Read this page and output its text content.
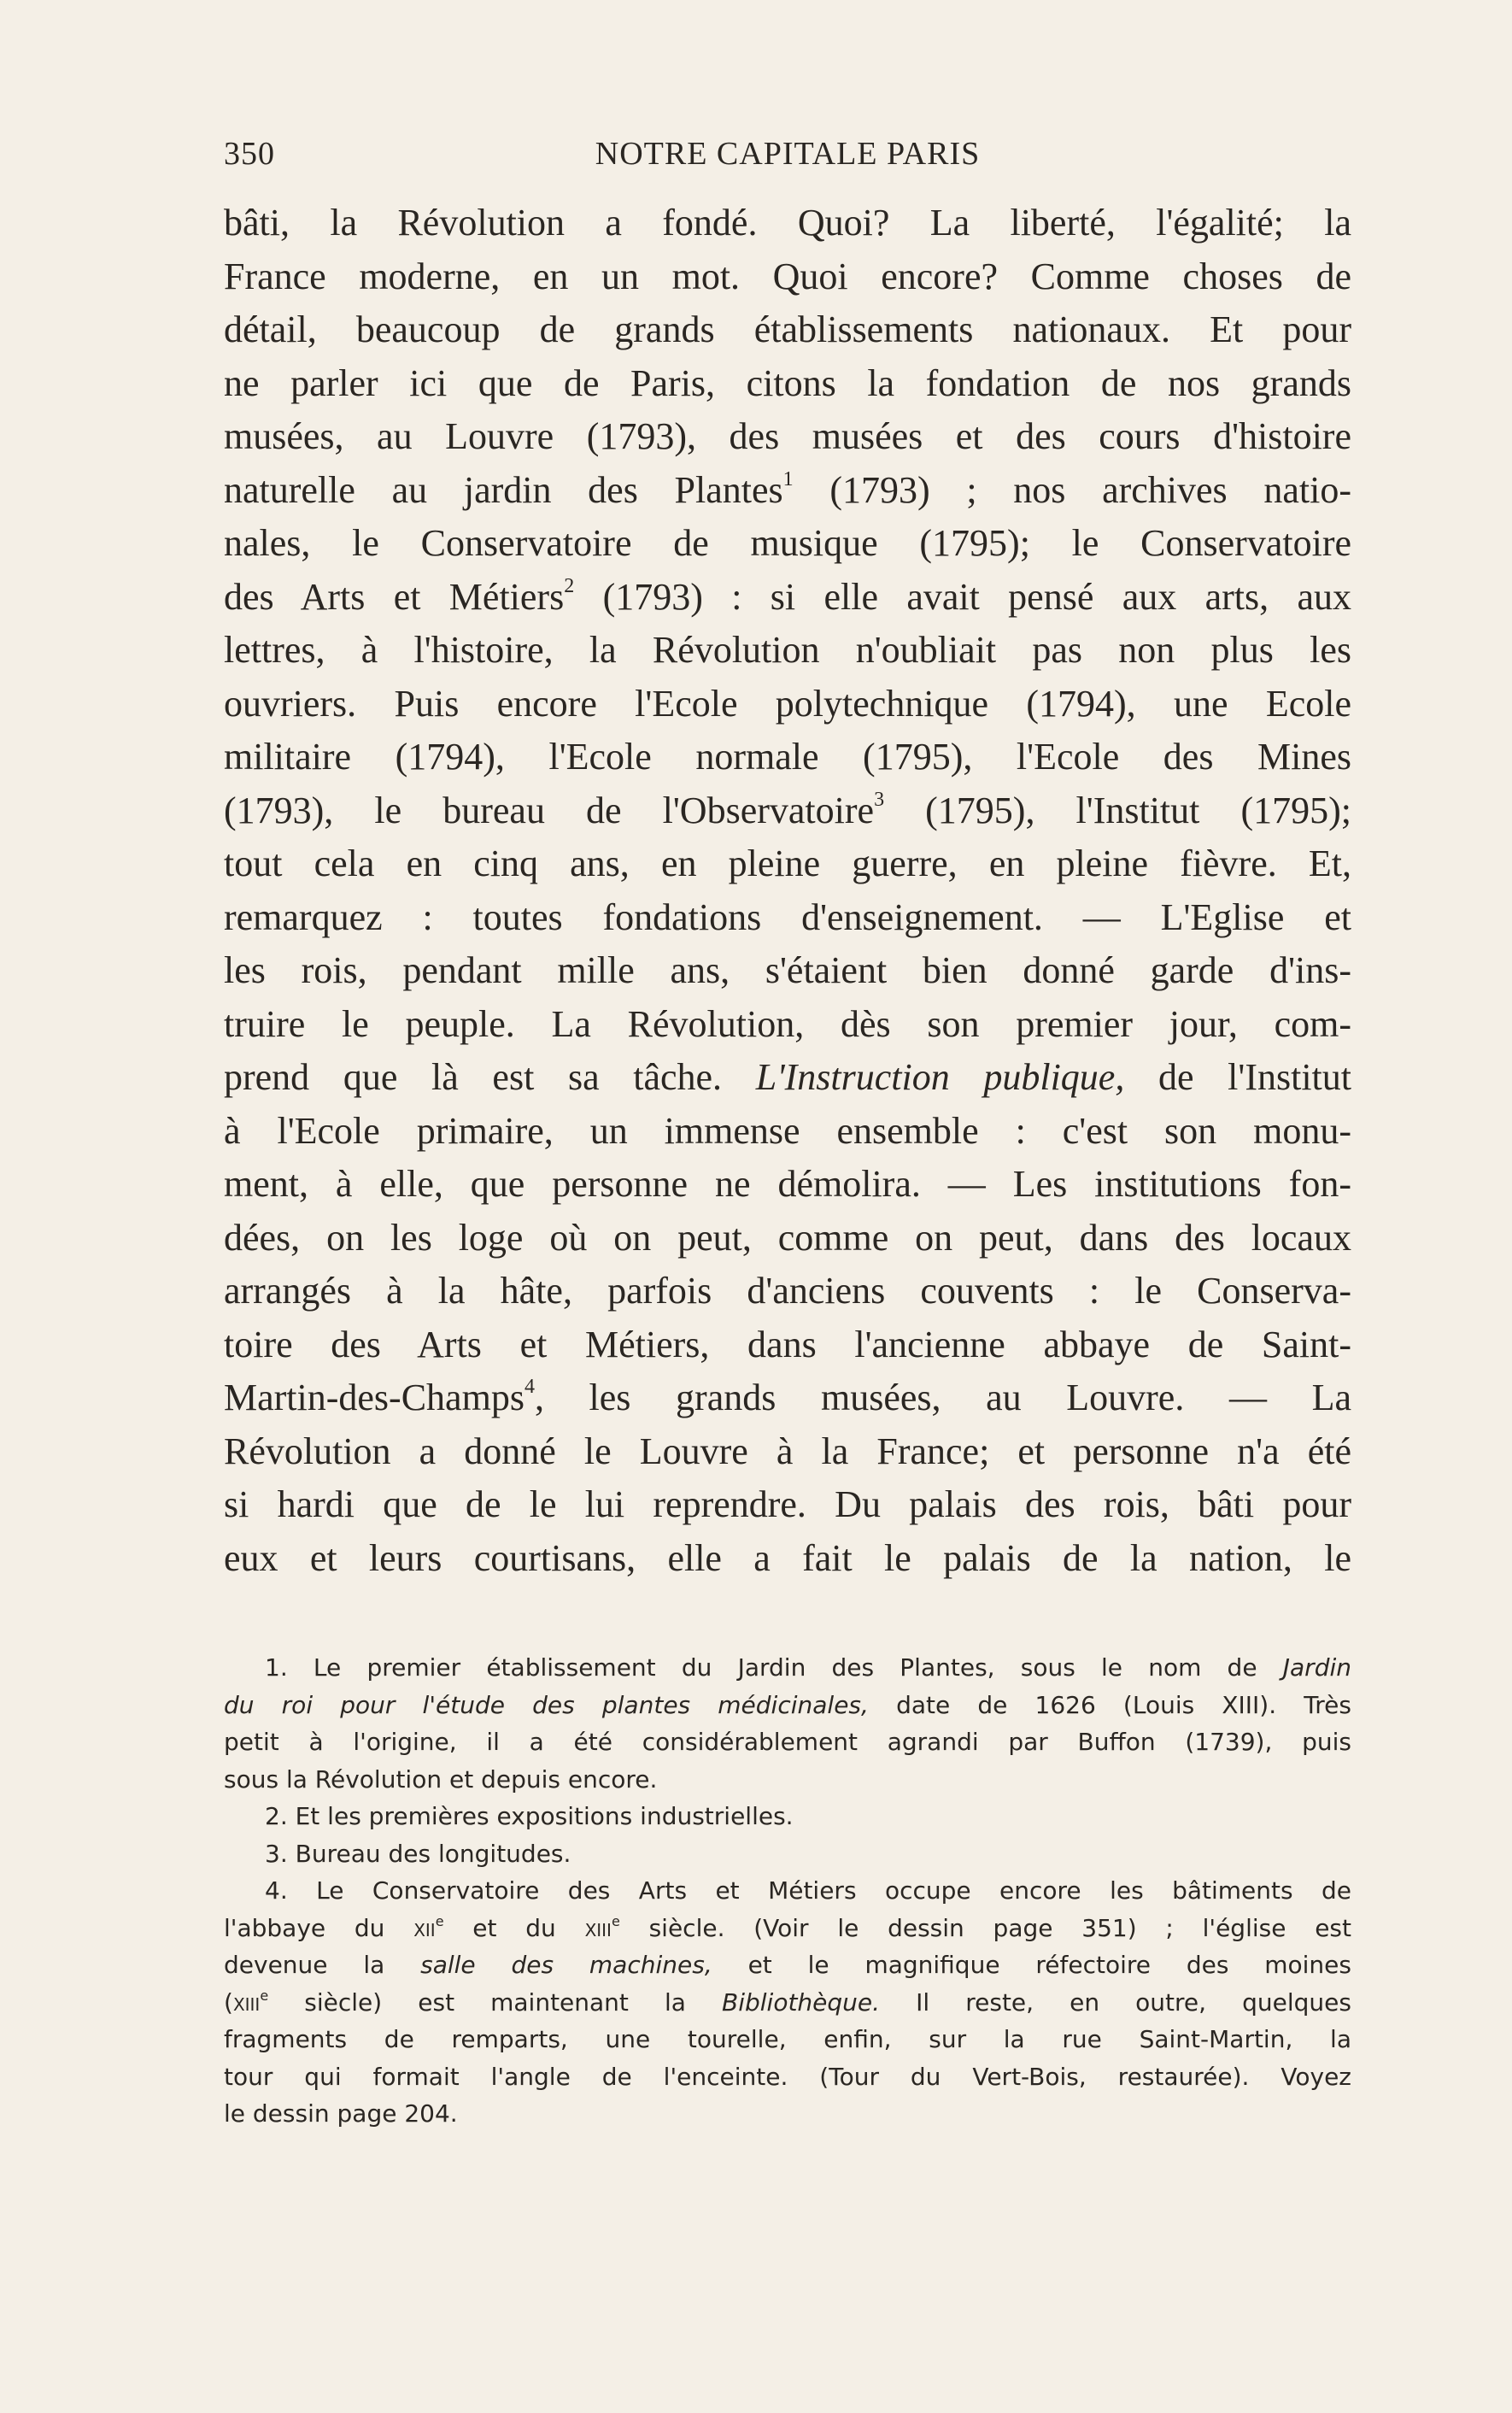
350	NOTRE CAPITALE PARIS
bâti, la Révolution a fondé. Quoi? La liberté, l'égalité; la
France moderne, en un mot. Quoi encore? Comme choses de
détail, beaucoup de grands établissements nationaux. Et pour
ne parler ici que de Paris, citons la fondation de nos grands
musées, au Louvre (1793), des musées et des cours d'histoire
naturelle au jardin des Plantes$^1$ (1793) ; nos archives natio-
nales, le Conservatoire de musique (1795); le Conservatoire
des Arts et Métiers$^2$ (1793) : si elle avait pensé aux arts, aux
lettres, à l'histoire, la Révolution n'oubliait pas non plus les
ouvriers. Puis encore l'Ecole polytechnique (1794), une Ecole
militaire (1794), l'Ecole normale (1795), l'Ecole des Mines
(1793), le bureau de l'Observatoire$^3$ (1795), l'Institut (1795);
tout cela en cinq ans, en pleine guerre, en pleine fièvre. Et,
remarquez : toutes fondations d'enseignement. — L'Eglise et
les rois, pendant mille ans, s'étaient bien donné garde d'ins-
truire le peuple. La Révolution, dès son premier jour, com-
prend que là est sa tâche. L'Instruction publique, de l'Institut
à l'Ecole primaire, un immense ensemble : c'est son monu-
ment, à elle, que personne ne démolira. — Les institutions fon-
dées, on les loge où on peut, comme on peut, dans des locaux
arrangés à la hâte, parfois d'anciens couvents : le Conserva-
toire des Arts et Métiers, dans l'ancienne abbaye de Saint-
Martin-des-Champs$^4$, les grands musées, au Louvre. — La
Révolution a donné le Louvre à la France; et personne n'a été
si hardi que de le lui reprendre. Du palais des rois, bâti pour
eux et leurs courtisans, elle a fait le palais de la nation, le
1. Le premier établissement du Jardin des Plantes, sous le nom de Jardin
du roi pour l'étude des plantes médicinales, date de 1626 (Louis XIII). Très
petit à l'origine, il a été considérablement agrandi par Buffon (1739), puis
sous la Révolution et depuis encore.
2. Et les premières expositions industrielles.
3. Bureau des longitudes.
4. Le Conservatoire des Arts et Métiers occupe encore les bâtiments de
l'abbaye du xii$^e$ et du xiii$^e$ siècle. (Voir le dessin page 351) ; l'église est
devenue la salle des machines, et le magnifique réfectoire des moines
(xiii$^e$ siècle) est maintenant la Bibliothèque. Il reste, en outre, quelques
fragments de remparts, une tourelle, enfin, sur la rue Saint-Martin, la
tour qui formait l'angle de l'enceinte. (Tour du Vert-Bois, restaurée). Voyez
le dessin page 204.
